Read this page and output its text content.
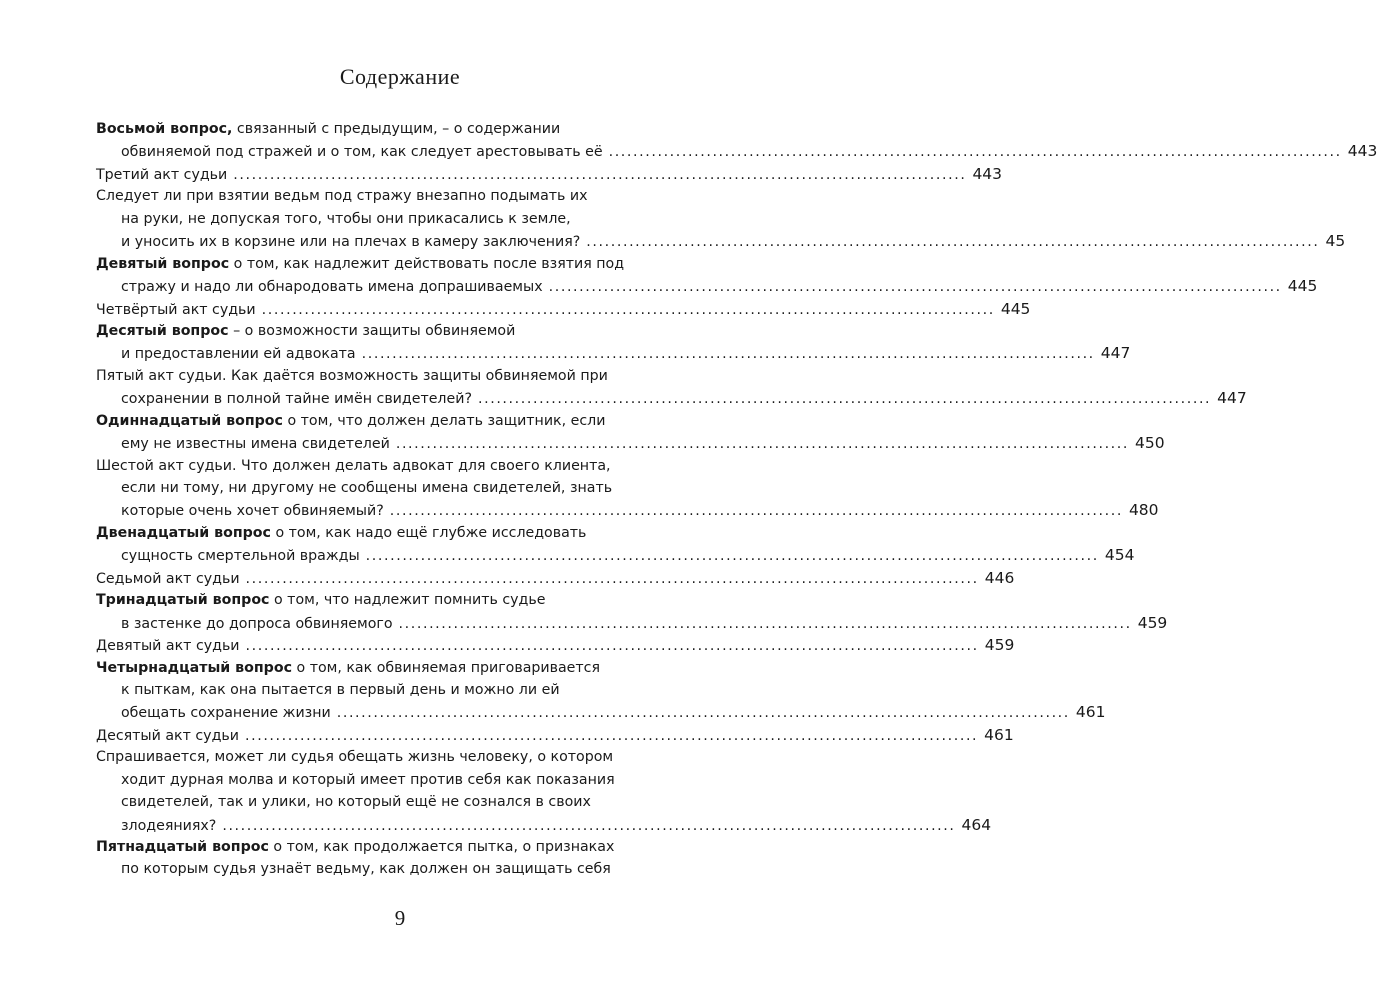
Содержание
Восьмой вопрос, связанный с предыдущим, – о содержании
обвиняемой под стражей и о том, как следует арестовывать её ........................................................................................................................ 443
Третий акт судьи ........................................................................................................................ 443
Следует ли при взятии ведьм под стражу внезапно подымать их
на руки, не допуская того, чтобы они прикасались к земле,
и уносить их в корзине или на плечах в камеру заключения? ........................................................................................................................ 45
Девятый вопрос о том, как надлежит действовать после взятия под
стражу и надо ли обнародовать имена допрашиваемых ........................................................................................................................ 445
Четвёртый акт судьи ........................................................................................................................ 445
Десятый вопрос – о возможности защиты обвиняемой
и предоставлении ей адвоката ........................................................................................................................ 447
Пятый акт судьи. Как даётся возможность защиты обвиняемой при
сохранении в полной тайне имён свидетелей? ........................................................................................................................ 447
Одиннадцатый вопрос о том, что должен делать защитник, если
ему не известны имена свидетелей ........................................................................................................................ 450
Шестой акт судьи. Что должен делать адвокат для своего клиента,
если ни тому, ни другому не сообщены имена свидетелей, знать
которые очень хочет обвиняемый? ........................................................................................................................ 480
Двенадцатый вопрос о том, как надо ещё глубже исследовать
сущность смертельной вражды ........................................................................................................................ 454
Седьмой акт судьи ........................................................................................................................ 446
Тринадцатый вопрос о том, что надлежит помнить судье
в застенке до допроса обвиняемого ........................................................................................................................ 459
Девятый акт судьи ........................................................................................................................ 459
Четырнадцатый вопрос о том, как обвиняемая приговаривается
к пыткам, как она пытается в первый день и можно ли ей
обещать сохранение жизни ........................................................................................................................ 461
Десятый акт судьи ........................................................................................................................ 461
Спрашивается, может ли судья обещать жизнь человеку, о котором
ходит дурная молва и который имеет против себя как показания
свидетелей, так и улики, но который ещё не сознался в своих
злодеяниях? ........................................................................................................................ 464
Пятнадцатый вопрос о том, как продолжается пытка, о признаках
по которым судья узнаёт ведьму, как должен он защищать себя
9
